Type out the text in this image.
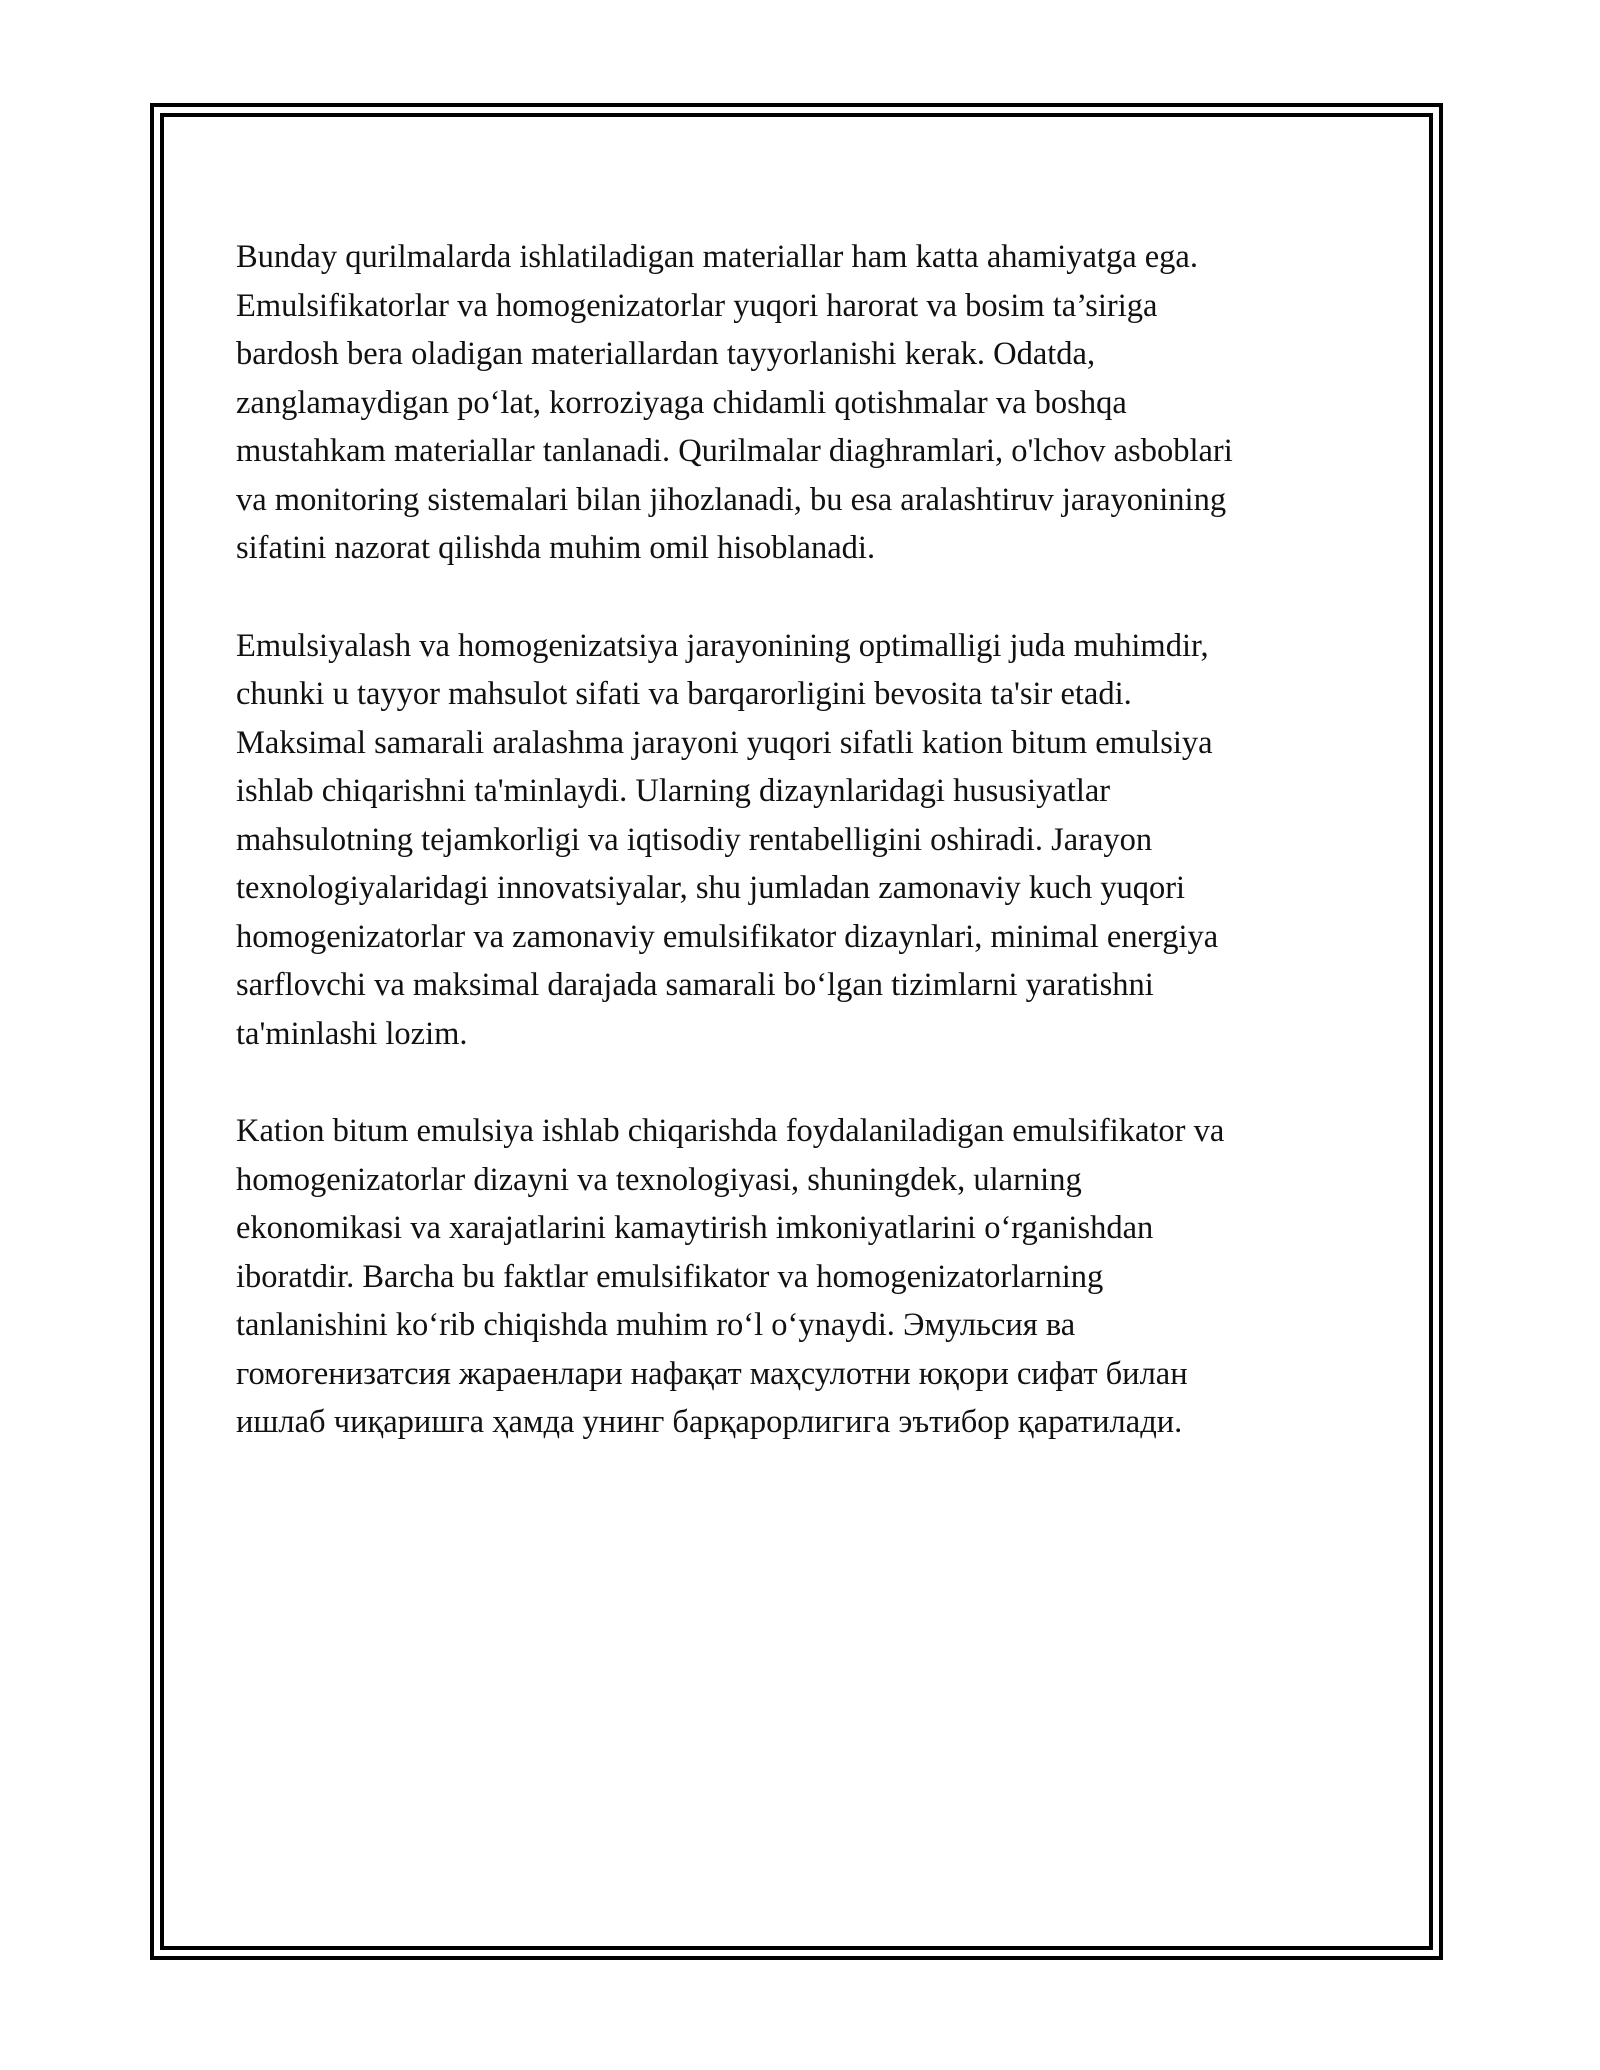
Bunday qurilmalarda ishlatiladigan materiallar ham katta ahamiyatga ega.
Emulsifikatorlar va homogenizatorlar yuqori harorat va bosim ta’siriga
bardosh bera oladigan materiallardan tayyorlanishi kerak. Odatda,
zanglamaydigan poʻlat, korroziyaga chidamli qotishmalar va boshqa
mustahkam materiallar tanlanadi. Qurilmalar diaghramlari, o'lchov asboblari
va monitoring sistemalari bilan jihozlanadi, bu esa aralashtiruv jarayonining
sifatini nazorat qilishda muhim omil hisoblanadi.

Emulsiyalash va homogenizatsiya jarayonining optimalligi juda muhimdir,
chunki u tayyor mahsulot sifati va barqarorligini bevosita ta'sir etadi.
Maksimal samarali aralashma jarayoni yuqori sifatli kation bitum emulsiya
ishlab chiqarishni ta'minlaydi. Ularning dizaynlaridagi hususiyatlar
mahsulotning tejamkorligi va iqtisodiy rentabelligini oshiradi. Jarayon
texnologiyalaridagi innovatsiyalar, shu jumladan zamonaviy kuch yuqori
homogenizatorlar va zamonaviy emulsifikator dizaynlari, minimal energiya
sarflovchi va maksimal darajada samarali boʻlgan tizimlarni yaratishni
ta'minlashi lozim.

Kation bitum emulsiya ishlab chiqarishda foydalaniladigan emulsifikator va
homogenizatorlar dizayni va texnologiyasi, shuningdek, ularning
ekonomikasi va xarajatlarini kamaytirish imkoniyatlarini oʻrganishdan
iboratdir. Barcha bu faktlar emulsifikator va homogenizatorlarning
tanlanishini koʻrib chiqishda muhim roʻl oʻynaydi. Эмульсия ва
гомогенизатсия жараенлари нафақат маҳсулотни юқори сифат билан
ишлаб чиқаришга ҳамда унинг барқарорлигига эътибор қаратилади.
